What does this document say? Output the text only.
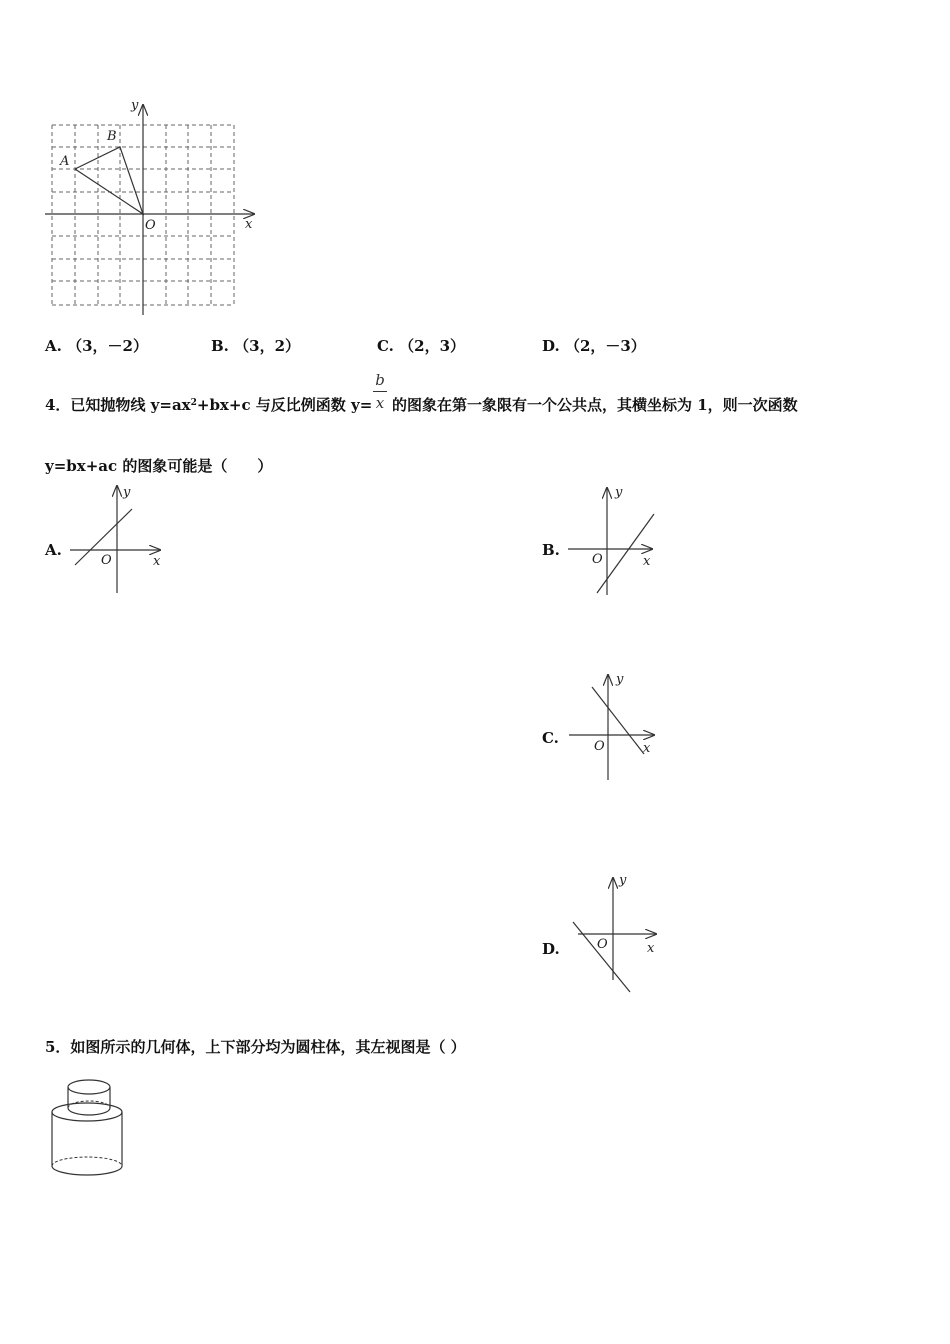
x
y
O
A
B
A. （3，－2）	B. （3，2）	C. （2，3）	D. （2，－3）
4．已知抛物线 $y=ax^2+bx+c$ 与反比例函数 y=
b
x 的图象在第一象限有一个公共点，其横坐标为 1，则一次函数
y=bx+ac 的图象可能是（　　）
A.
x
y
O
B.
x
y
O
C.
x
y
O
D.	x
y
O
5．如图所示的几何体，上下部分均为圆柱体，其左视图是（ ）
